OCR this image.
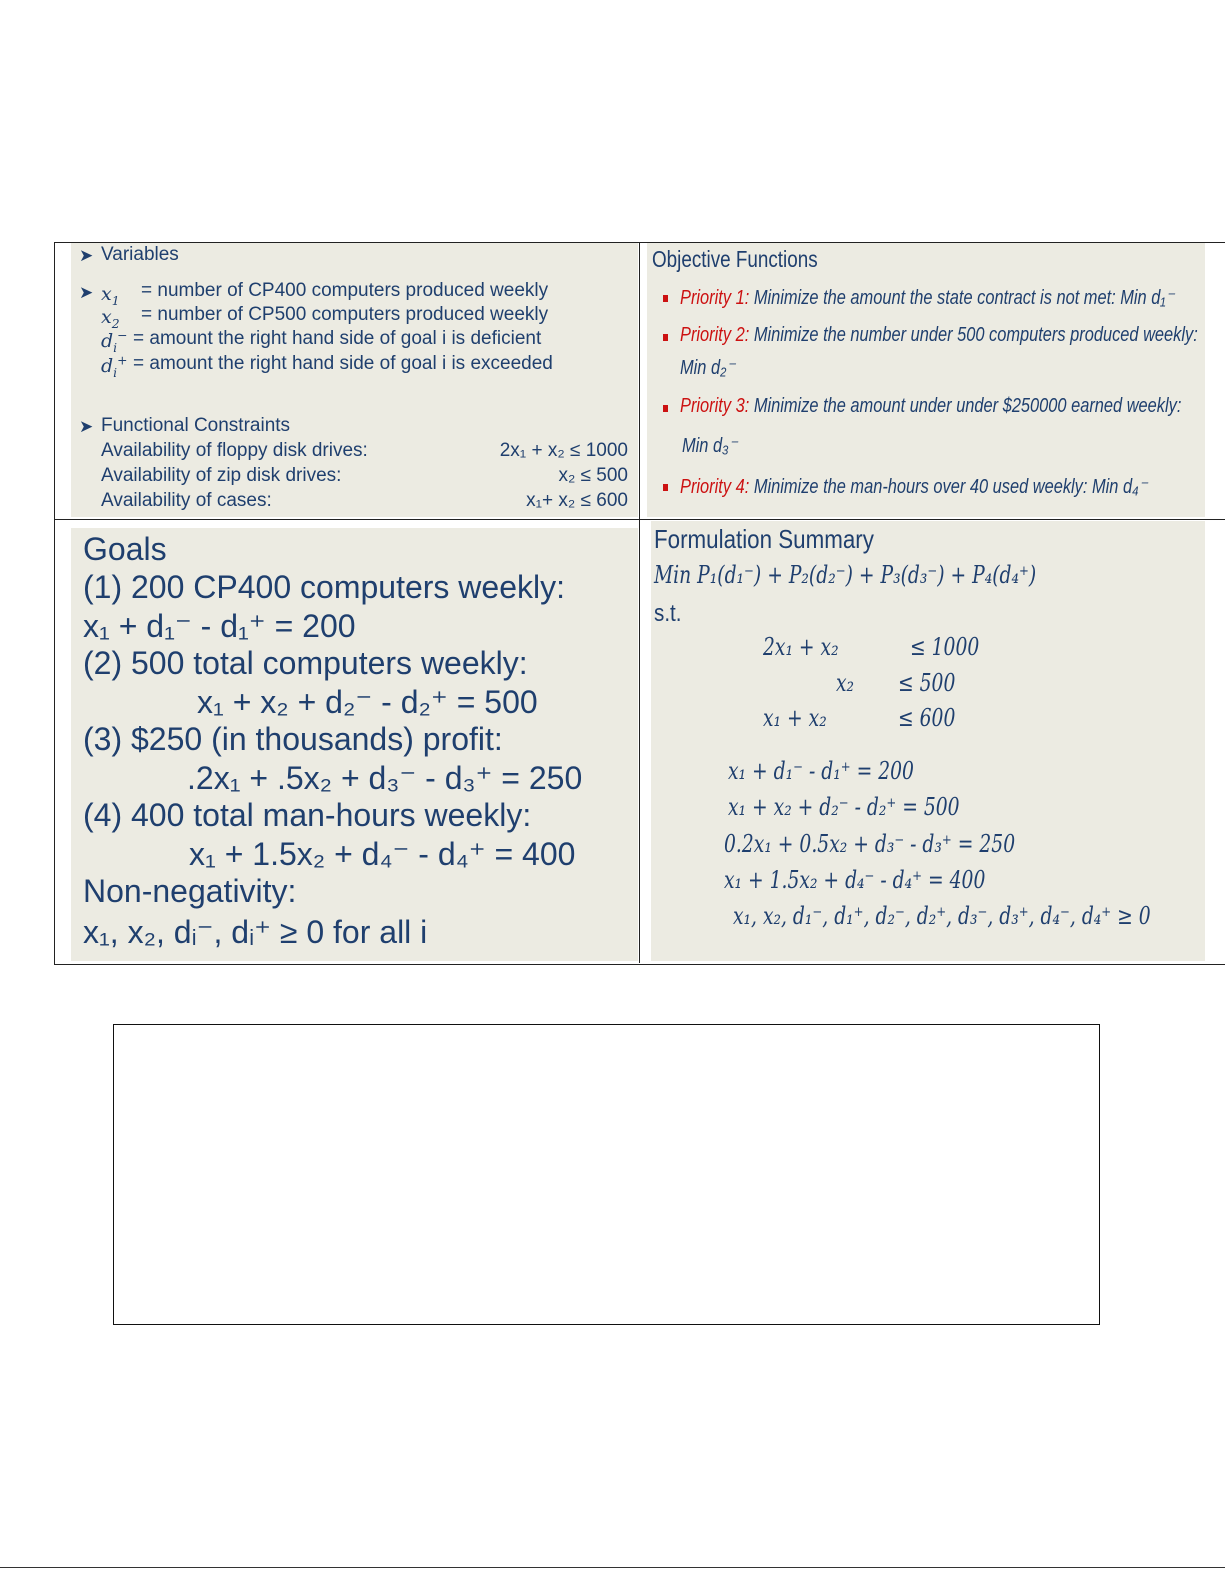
➤ Variables
➤ $x_1$ = number of CP400 computers produced weekly
$x_2$ = number of CP500 computers produced weekly
$d_i^-$ = amount the right hand side of goal i is deficient
$d_i^+$ = amount the right hand side of goal i is exceeded
➤ Functional Constraints
Availability of floppy disk drives:	2x₁ + x₂ ≤ 1000
Availability of zip disk drives:	x₂ ≤ 500
Availability of cases:	x₁+ x₂ ≤ 600
Objective Functions
Priority 1: Minimize the amount the state contract is not met: Min d₁⁻
Priority 2: Minimize the number under 500 computers produced weekly:
Min d₂⁻
Priority 3: Minimize the amount under under $250000 earned weekly:
Min d₃⁻
Priority 4: Minimize the man-hours over 40 used weekly: Min d₄⁻
Goals
(1) 200 CP400 computers weekly:
x₁ + d₁⁻ - d₁⁺ = 200
(2) 500 total computers weekly:
x₁ + x₂ + d₂⁻ - d₂⁺ = 500
(3) $250 (in thousands) profit:
.2x₁ + .5x₂ + d₃⁻ - d₃⁺ = 250
(4) 400 total man-hours weekly:
x₁ + 1.5x₂ + d₄⁻ - d₄⁺ = 400
Non-negativity:
x₁, x₂, dᵢ⁻, dᵢ⁺ ≥ 0 for all i
Formulation Summary
Min P₁(d₁⁻) + P₂(d₂⁻) + P₃(d₃⁻) + P₄(d₄⁺)
s.t.
2x₁ + x₂	≤ 1000
x₂ ≤ 500
x₁ + x₂	≤ 600
x₁ + d₁⁻ - d₁⁺ = 200
x₁ + x₂ + d₂⁻ - d₂⁺ = 500
0.2x₁ + 0.5x₂ + d₃⁻ - d₃⁺ = 250
x₁ + 1.5x₂ + d₄⁻ - d₄⁺ = 400
x₁, x₂, d₁⁻, d₁⁺, d₂⁻, d₂⁺, d₃⁻, d₃⁺, d₄⁻, d₄⁺ ≥ 0
